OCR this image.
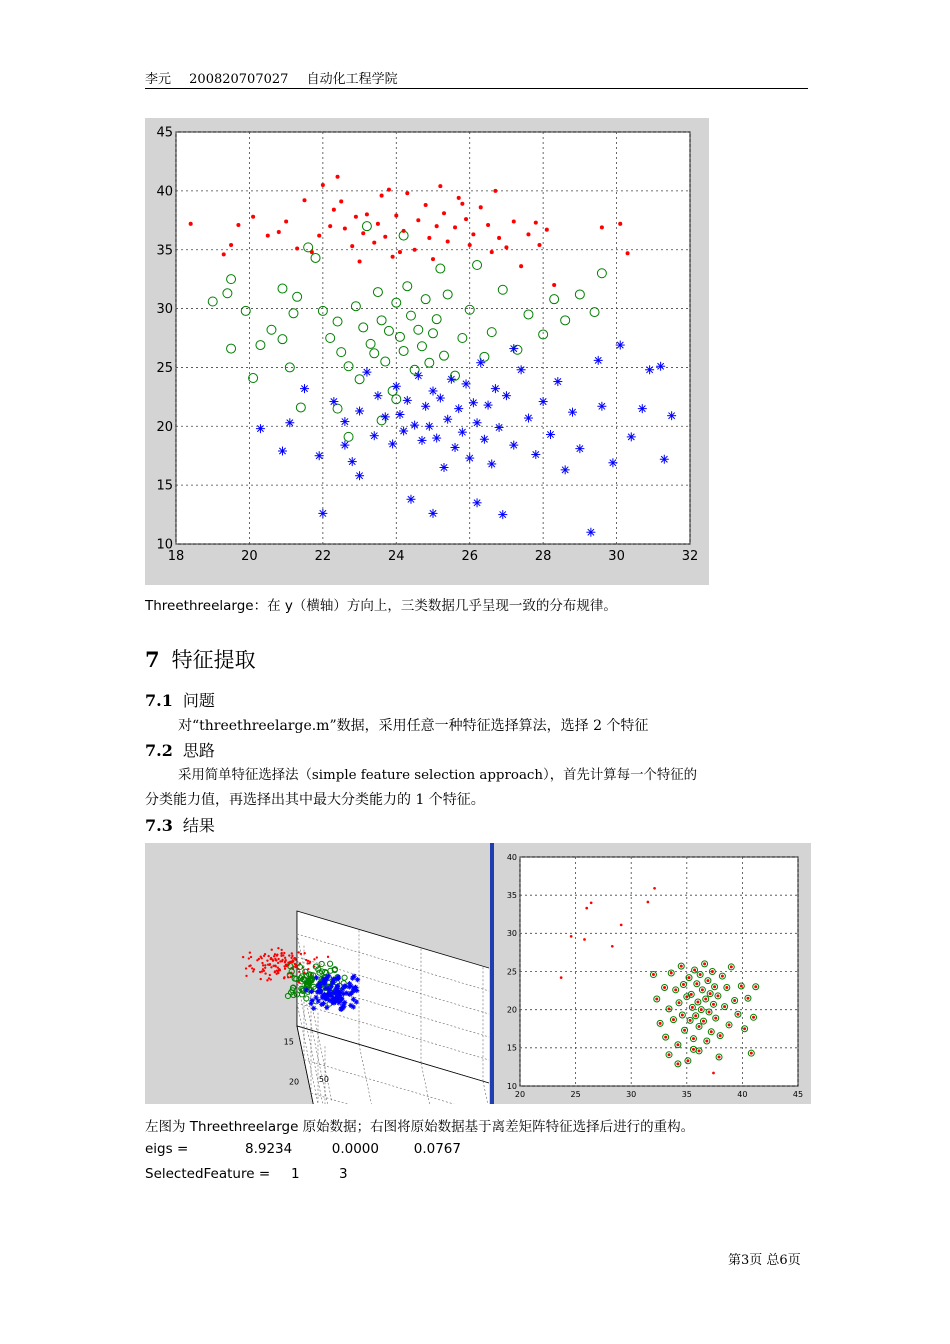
李元 200820707027 自动化工程学院
18	20	22	24	26	28	30	32
10
15
20
25
30
35
40
45
Threethreelarge：在 y（横轴）方向上，三类数据几乎呈现一致的分布规律。
7 特征提取
7.1 问题
对“threethreelarge.m”数据，采用任意一种特征选择算法，选择 2 个特征
7.2 思路
采用简单特征选择法（simple feature selection approach），首先计算每一个特征的
分类能力值，再选择出其中最大分类能力的 1 个特征。
7.3 结果
50
20
15
20	25	30	35	40	45
10
15
20
25
30
35
40
左图为 Threethreelarge 原始数据；右图将原始数据基于离差矩阵特征选择后进行的重构。
eigs =	8.9234	0.0000	0.0767
SelectedFeature = 1	3
第3页 总6页
